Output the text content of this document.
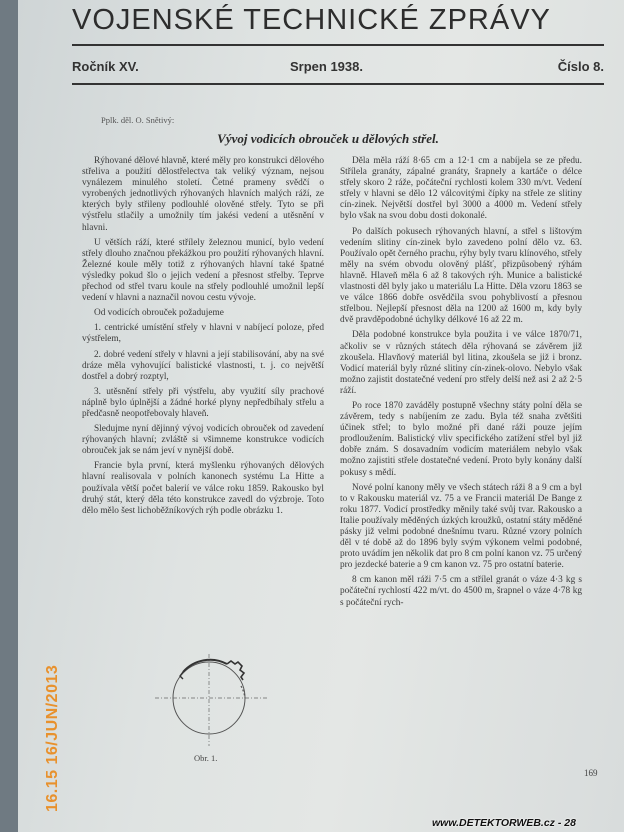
VOJENSKÉ TECHNICKÉ ZPRÁVY
Ročník XV.	Srpen 1938.	Číslo 8.
Pplk. děl. O. Snětivý:
Vývoj vodicích obrouček u dělových střel.

Rýhované dělové hlavně, které měly pro konstrukci dělového střeliva a použití dělostřelectva tak veliký význam, nejsou vynálezem minulého století. Četné prameny svědčí o vyrobených jednotlivých rýhovaných hlavních malých ráží, ze kterých byly střileny podlouhlé olověné střely. Tyto se při výstřelu stlačily a umožnily tím jakési vedení a utěsnění v hlavni.

U větších ráží, které střílely železnou municí, bylo vedení střely dlouho značnou překážkou pro použití rýhovaných hlavní. Železné koule měly totiž z rýhovaných hlavní také špatné výsledky pokud šlo o jejich vedení a přesnost střelby. Teprve přechod od střel tvaru koule na střely podlouhlé umožnil lepší vedení v hlavni a naznačil novou cestu vývoje.

Od vodicích obrouček požadujeme

1. centrické umístění střely v hlavni v nabíjecí poloze, před výstřelem,

2. dobré vedení střely v hlavni a její stabilisování, aby na své dráze měla vyhovující balistické vlastnosti, t. j. co největší dostřel a dobrý rozptyl,

3. utěsnění střely při výstřelu, aby využití síly prachové náplně bylo úplnější a žádné horké plyny nepředbíhaly střelu a předčasně neopotřebovaly hlaveň.

Sledujme nyní dějinný vývoj vodicích obrouček od zavedení rýhovaných hlavní; zvláště si všimneme konstrukce vodicích obrouček jak se nám jeví v nynější době.

Francie byla první, která myšlenku rýhovaných dělových hlavní realisovala v polních kanonech systému La Hitte a používala větší počet balerií ve válce roku 1859. Rakousko byl druhý stát, který děla této konstrukce zavedl do výzbroje. Toto dělo mělo šest lichoběžníkových rýh podle obrázku 1.

Děla měla ráží 8·65 cm a 12·1 cm a nabíjela se ze předu. Střílela granáty, zápalné granáty, šrapnely a kartáče o délce střely skoro 2 ráže, počáteční rychlosti kolem 330 m/vt. Vedení střely v hlavni se dělo 12 válcovitými čípky na střele ze slitiny cín-zinek. Největší dostřel byl 3000 a 4000 m. Vedení střely bylo však na svou dobu dosti dokonalé.

Po dalších pokusech rýhovaných hlavní, a střel s lištovým vedením slitiny cín-zinek bylo zavedeno polní dělo vz. 63. Používalo opět černého prachu, rýhy byly tvaru klínového, střely měly na svém obvodu olověný plášť, přizpůsobený rýhám hlavně. Hlaveň měla 6 až 8 takových rýh. Munice a balistické vlastnosti děl byly jako u materiálu La Hitte. Děla vzoru 1863 se ve válce 1866 dobře osvědčila svou pohyblivostí a přesnou střelbou. Nejlepší přesnost děla na 1200 až 1600 m, kdy byly dvě pravděpodobné úchylky délkové 16 až 22 m.

Děla podobné konstrukce byla použita i ve válce 1870/71, ačkoliv se v různých státech děla rýhovaná se závěrem již zkoušela. Hlavňový materiál byl litina, zkoušela se již i bronz. Vodicí materiál byly různé slitiny cín-zinek-olovo. Nebylo však možno zajistit dostatečné vedení pro střely delší než asi 2 až 2·5 ráží.

Po roce 1870 zaváděly postupně všechny státy polní děla se závěrem, tedy s nabíjením ze zadu. Byla též snaha zvětšiti účinek střel; to bylo možné při dané ráži pouze jejím prodloužením. Balistický vliv specifického zatížení střel byl již dobře znám. S dosavadním vodicím materiálem nebylo však možno zajistiti střele dostatečné vedení. Proto byly konány další pokusy s mědí.

Nové polní kanony měly ve všech státech ráži 8 a 9 cm a byl to v Rakousku materiál vz. 75 a ve Francii materiál De Bange z roku 1877. Vodicí prostředky měnily také svůj tvar. Rakousko a Italie používaly měděných úzkých kroužků, ostatní státy měděné pásky již velmi podobné dnešnímu tvaru. Různé vzory polních děl v té době až do 1896 byly svým výkonem velmi podobné, proto uvádím jen několik dat pro 8 cm polní kanon vz. 75 určený pro jezdecké baterie a 9 cm kanon vz. 75 pro ostatní baterie.

8 cm kanon měl ráži 7·5 cm a střílel granát o váze 4·3 kg s počáteční rychlostí 422 m/vt. do 4500 m, šrapnel o váze 4·78 kg s počáteční rych-

Obr. 1.
169
16.15 16/JUN/2013
www.DETEKTORWEB.cz - 28
